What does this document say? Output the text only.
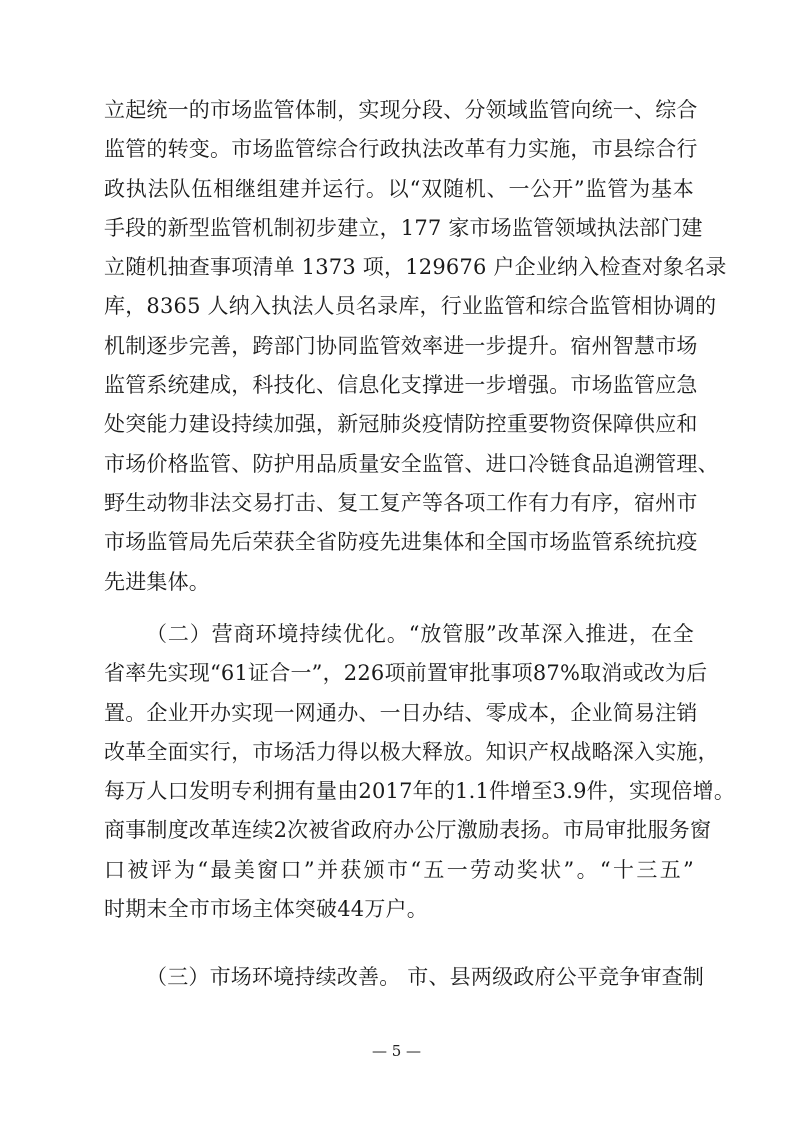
立起统一的市场监管体制，实现分段、分领域监管向统一、综合
监管的转变。市场监管综合行政执法改革有力实施，市县综合行
政执法队伍相继组建并运行。以“双随机、一公开”监管为基本
手段的新型监管机制初步建立，177 家市场监管领域执法部门建
立随机抽查事项清单 1373 项，129676 户企业纳入检查对象名录
库，8365 人纳入执法人员名录库，行业监管和综合监管相协调的
机制逐步完善，跨部门协同监管效率进一步提升。宿州智慧市场
监管系统建成，科技化、信息化支撑进一步增强。市场监管应急
处突能力建设持续加强，新冠肺炎疫情防控重要物资保障供应和
市场价格监管、防护用品质量安全监管、进口冷链食品追溯管理、
野生动物非法交易打击、复工复产等各项工作有力有序，宿州市
市场监管局先后荣获全省防疫先进集体和全国市场监管系统抗疫
先进集体。
（二）营商环境持续优化。“放管服”改革深入推进，在全
省率先实现“61证合一”，226项前置审批事项87%取消或改为后
置。企业开办实现一网通办、一日办结、零成本，企业简易注销
改革全面实行，市场活力得以极大释放。知识产权战略深入实施，
每万人口发明专利拥有量由2017年的1.1件增至3.9件，实现倍增。
商事制度改革连续2次被省政府办公厅激励表扬。市局审批服务窗
口被评为“最美窗口”并获颁市“五一劳动奖状”。“十三五”
时期末全市市场主体突破44万户。
（三）市场环境持续改善。 市、县两级政府公平竞争审查制
— 5 —
